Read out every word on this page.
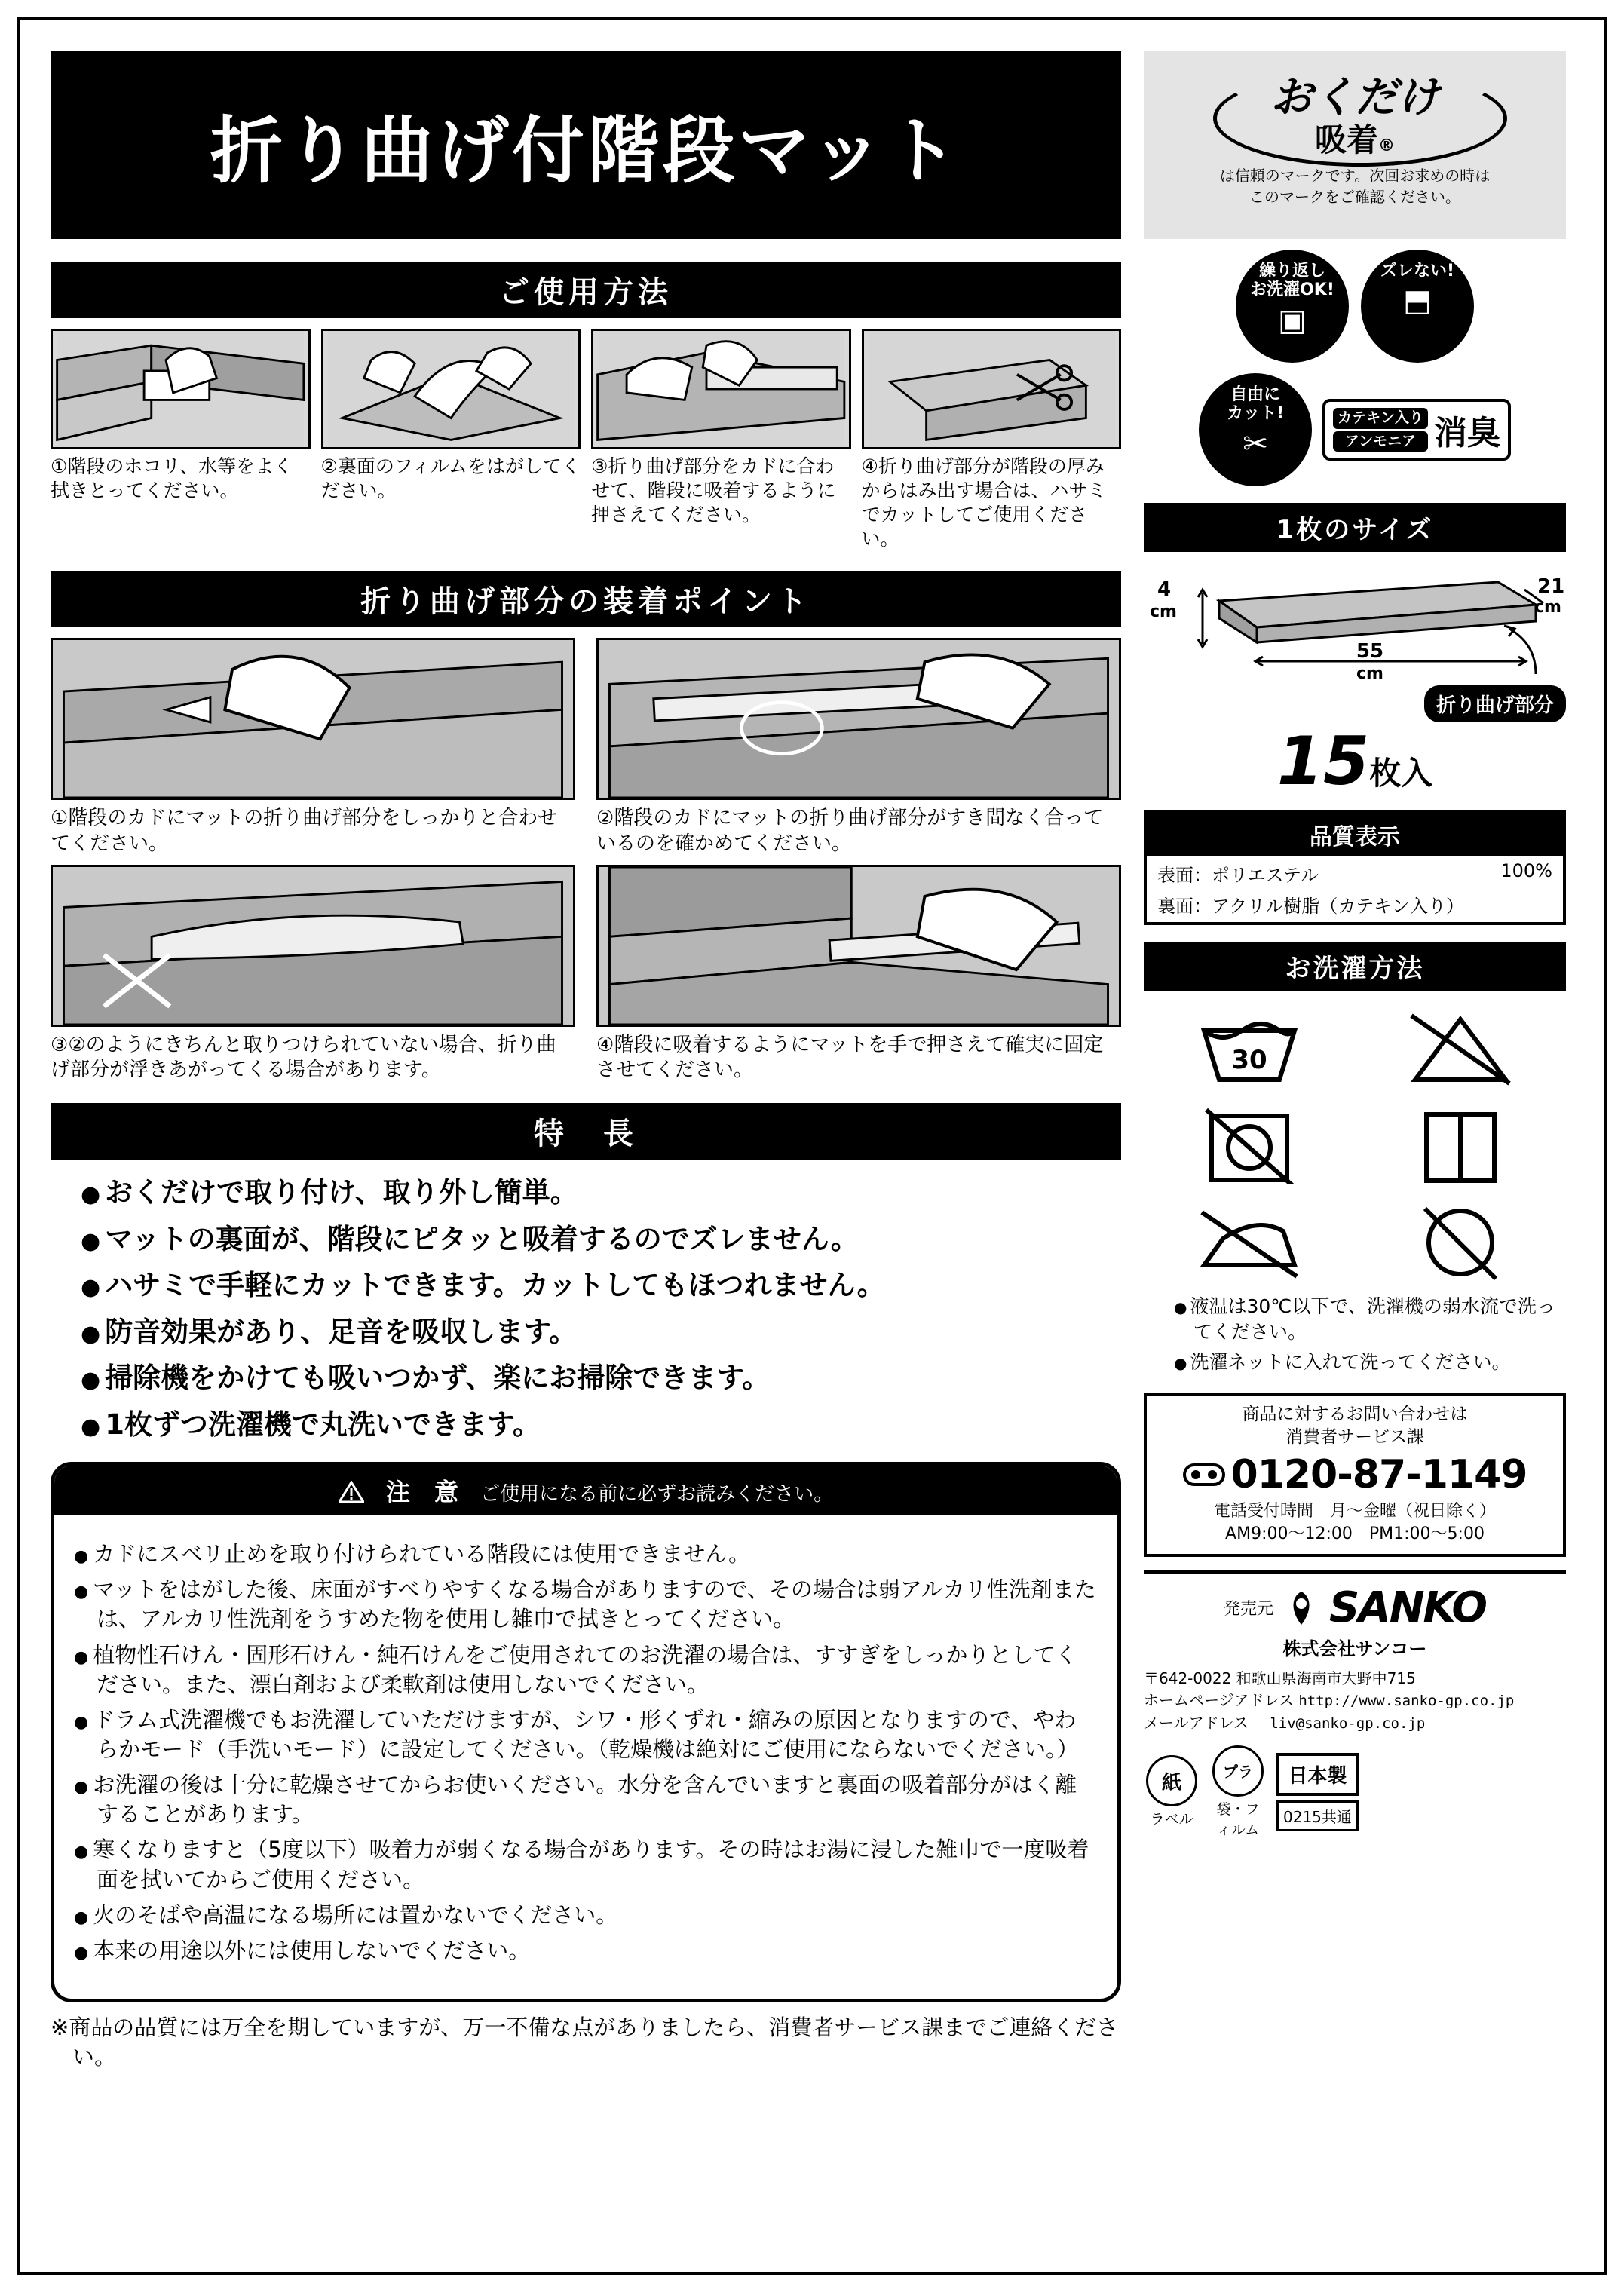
折り曲げ付階段マット
ご使用方法
①階段のホコリ、水等をよく拭きとってください。
②裏面のフィルムをはがしてください。
③折り曲げ部分をカドに合わせて、階段に吸着するように押さえてください。
④折り曲げ部分が階段の厚みからはみ出す場合は、ハサミでカットしてご使用ください。
折り曲げ部分の装着ポイント
①階段のカドにマットの折り曲げ部分をしっかりと合わせてください。
②階段のカドにマットの折り曲げ部分がすき間なく合っているのを確かめてください。
③②のようにきちんと取りつけられていない場合、折り曲げ部分が浮きあがってくる場合があります。
④階段に吸着するようにマットを手で押さえて確実に固定させてください。
特　長
● おくだけで取り付け、取り外し簡単。
● マットの裏面が、階段にピタッと吸着するのでズレません。
● ハサミで手軽にカットできます。カットしてもほつれません。
● 防音効果があり、足音を吸収します。
● 掃除機をかけても吸いつかず、楽にお掃除できます。
● 1枚ずつ洗濯機で丸洗いできます。
注　意 ご使用になる前に必ずお読みください。
● カドにスベリ止めを取り付けられている階段には使用できません。
● マットをはがした後、床面がすべりやすくなる場合がありますので、その場合は弱アルカリ性洗剤または、アルカリ性洗剤をうすめた物を使用し雑巾で拭きとってください。
● 植物性石けん・固形石けん・純石けんをご使用されてのお洗濯の場合は、すすぎをしっかりとしてください。また、漂白剤および柔軟剤は使用しないでください。
● ドラム式洗濯機でもお洗濯していただけますが、シワ・形くずれ・縮みの原因となりますので、やわらかモード（手洗いモード）に設定してください。（乾燥機は絶対にご使用にならないでください。）
● お洗濯の後は十分に乾燥させてからお使いください。水分を含んでいますと裏面の吸着部分がはく離することがあります。
● 寒くなりますと（5度以下）吸着力が弱くなる場合があります。その時はお湯に浸した雑巾で一度吸着面を拭いてからご使用ください。
● 火のそばや高温になる場所には置かないでください。
● 本来の用途以外には使用しないでください。
※商品の品質には万全を期していますが、万一不備な点がありましたら、消費者サービス課までご連絡ください。
おくだけ
吸着®
は信頼のマークです。次回お求めの時は
このマークをご確認ください。
繰り返し
お洗濯OK!
▣
ズレない!
⬒
自由に
カット!
✂
カテキン入り
アンモニア 消臭
1枚のサイズ
4
cm
21
cm
55
cm
折り曲げ部分
15枚入
品質表示
表面：ポリエステル	100%
裏面：アクリル樹脂（カテキン入り）
お洗濯方法
30
● 液温は30℃以下で、洗濯機の弱水流で洗ってください。
● 洗濯ネットに入れて洗ってください。
商品に対するお問い合わせは
消費者サービス課
0120-87-1149
電話受付時間　月～金曜（祝日除く）
AM9:00～12:00　PM1:00～5:00
発売元 SANKO
株式会社サンコー
〒642-0022 和歌山県海南市大野中715
ホームページアドレス http://www.sanko-gp.co.jp
メールアドレス liv@sanko-gp.co.jp
紙
ラベル
プラ
袋・フィルム
日本製
0215共通
